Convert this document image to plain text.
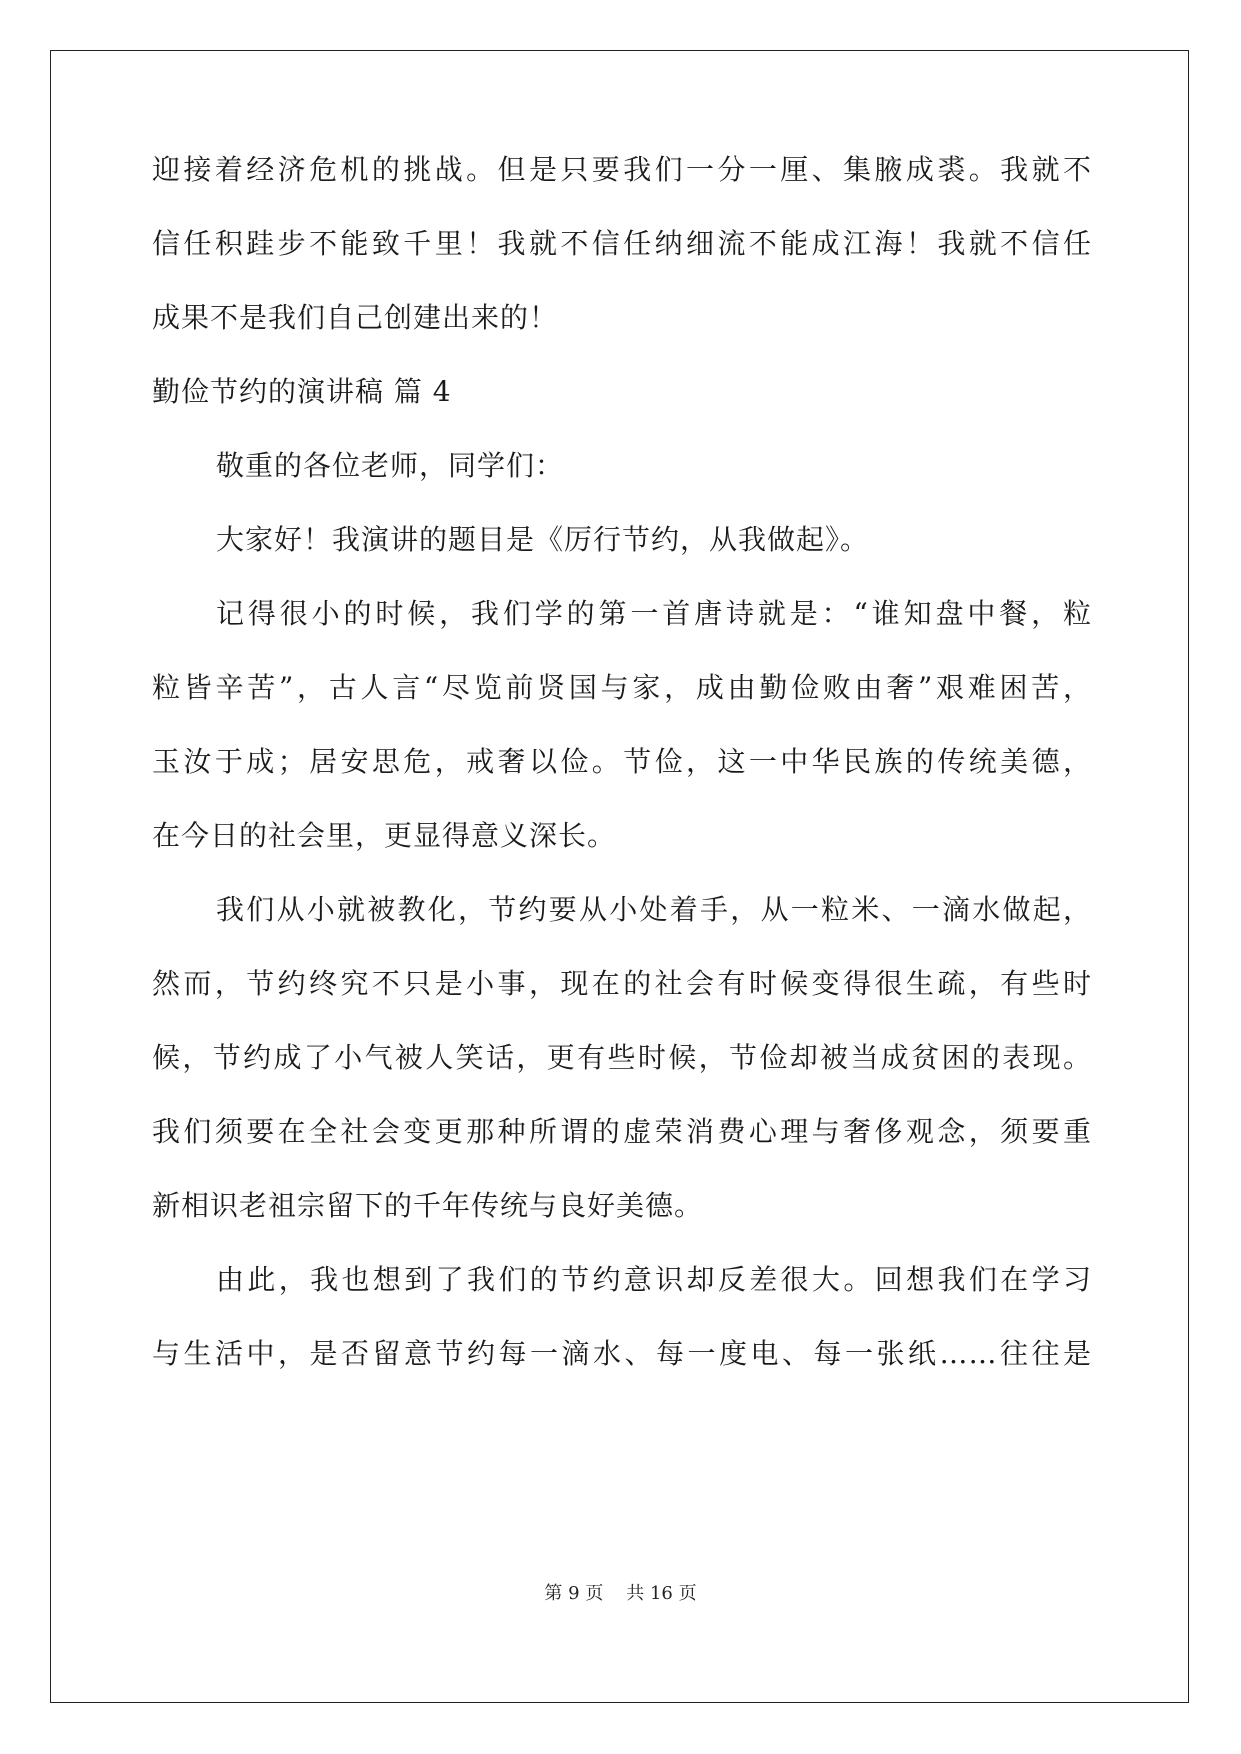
迎接着经济危机的挑战。但是只要我们一分一厘、集腋成裘。我就不
信任积跬步不能致千里！我就不信任纳细流不能成江海！我就不信任
成果不是我们自己创建出来的！
勤俭节约的演讲稿 篇 4
敬重的各位老师，同学们：
大家好！我演讲的题目是《厉行节约，从我做起》。
记得很小的时候，我们学的第一首唐诗就是：“谁知盘中餐，粒
粒皆辛苦”，古人言“尽览前贤国与家，成由勤俭败由奢”艰难困苦，
玉汝于成；居安思危，戒奢以俭。节俭，这一中华民族的传统美德，
在今日的社会里，更显得意义深长。
我们从小就被教化，节约要从小处着手，从一粒米、一滴水做起，
然而，节约终究不只是小事，现在的社会有时候变得很生疏，有些时
候，节约成了小气被人笑话，更有些时候，节俭却被当成贫困的表现。
我们须要在全社会变更那种所谓的虚荣消费心理与奢侈观念，须要重
新相识老祖宗留下的千年传统与良好美德。
由此，我也想到了我们的节约意识却反差很大。回想我们在学习
与生活中，是否留意节约每一滴水、每一度电、每一张纸……往往是
第 9 页 共 16 页
